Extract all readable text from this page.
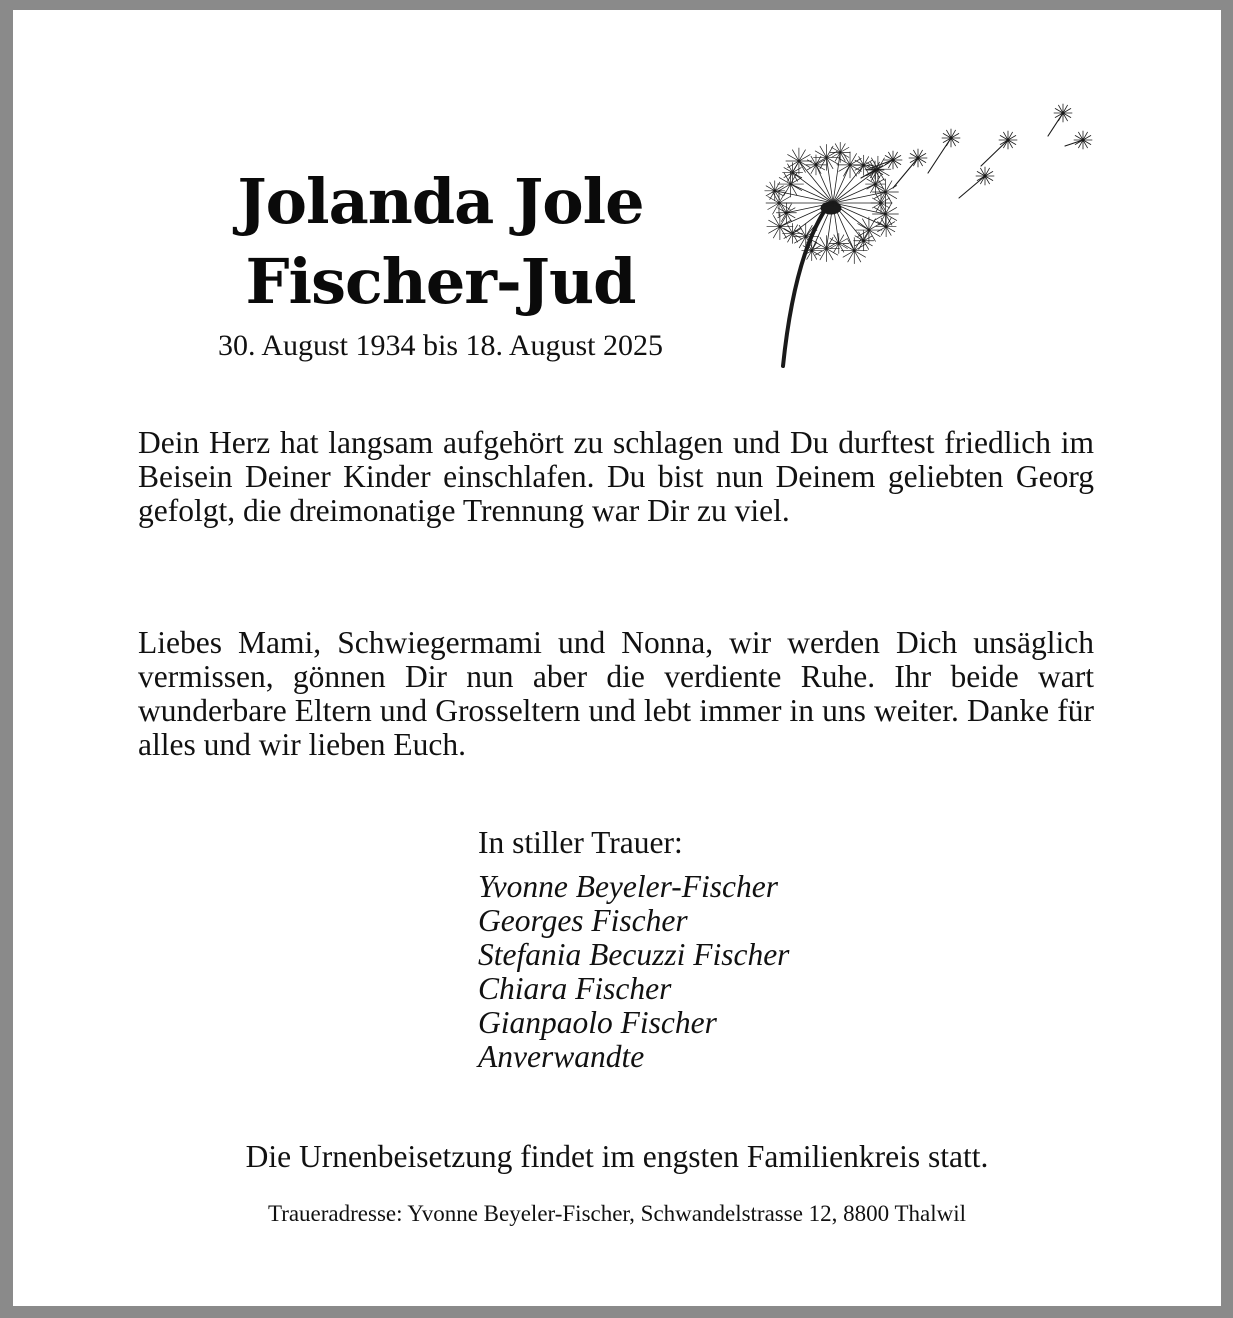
Jolanda Jole
Fischer-Jud
30. August 1934 bis 18. August 2025

Dein Herz hat langsam aufgehört zu schlagen und Du durftest friedlich im Beisein Deiner Kinder einschlafen. Du bist nun Deinem geliebten Georg gefolgt, die dreimonatige Trennung war Dir zu viel.

Liebes Mami, Schwiegermami und Nonna, wir werden Dich unsäglich vermissen, gönnen Dir nun aber die verdiente Ruhe. Ihr beide wart wunderbare Eltern und Grosseltern und lebt immer in uns weiter. Danke für alles und wir lieben Euch.

In stiller Trauer:
Yvonne Beyeler-Fischer
Georges Fischer
Stefania Becuzzi Fischer
Chiara Fischer
Gianpaolo Fischer
Anverwandte
Die Urnenbeisetzung findet im engsten Familienkreis statt.
Traueradresse: Yvonne Beyeler-Fischer, Schwandelstrasse 12, 8800 Thalwil
